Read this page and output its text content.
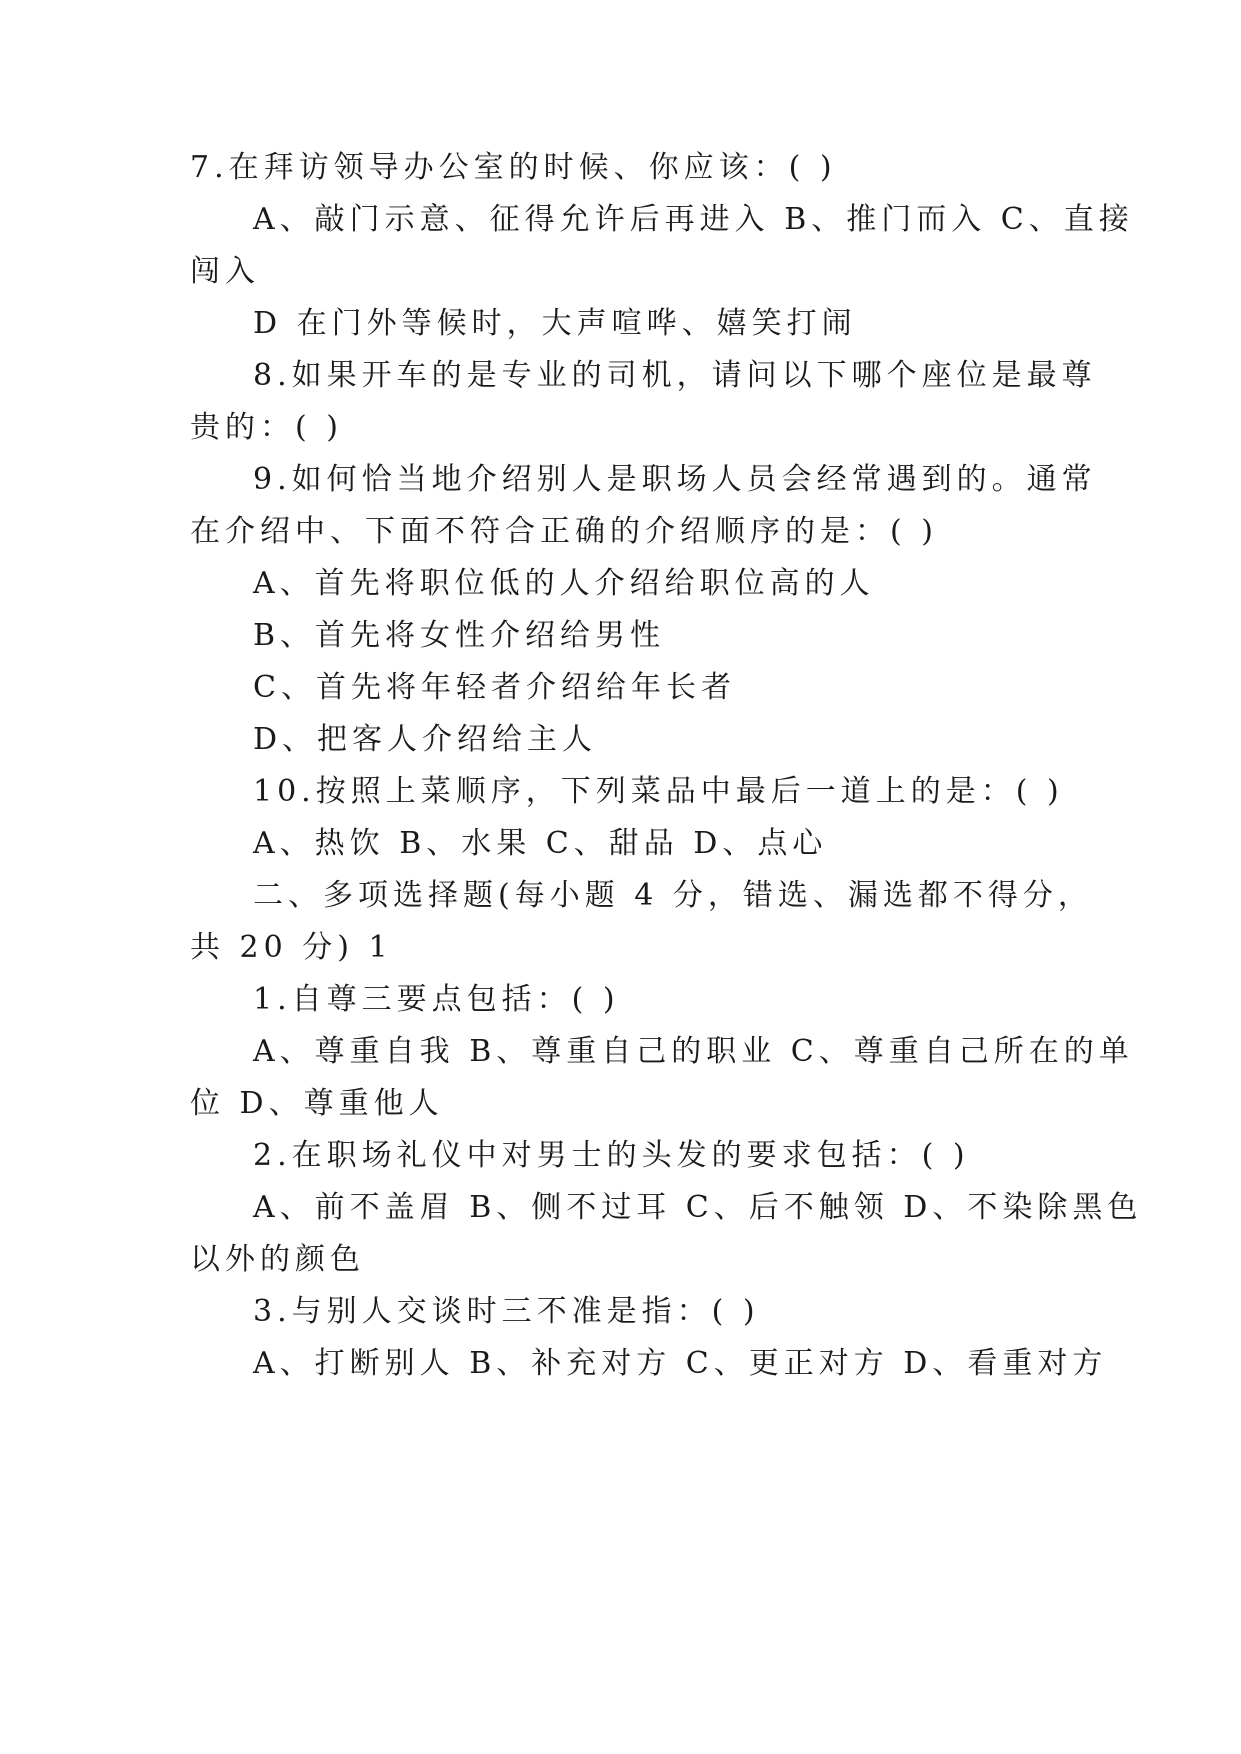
7.在拜访领导办公室的时候、你应该：( )
A、敲门示意、征得允许后再进入 B、推门而入 C、直接
闯入
D 在门外等候时，大声喧哗、嬉笑打闹
8.如果开车的是专业的司机，请问以下哪个座位是最尊
贵的：( )
9.如何恰当地介绍别人是职场人员会经常遇到的。通常
在介绍中、下面不符合正确的介绍顺序的是：( )
A、首先将职位低的人介绍给职位高的人
B、首先将女性介绍给男性
C、首先将年轻者介绍给年长者
D、把客人介绍给主人
10.按照上菜顺序，下列菜品中最后一道上的是：( )
A、热饮 B、水果 C、甜品 D、点心
二、多项选择题(每小题 4 分，错选、漏选都不得分，
共 20 分) 1
1.自尊三要点包括：( )
A、尊重自我 B、尊重自己的职业 C、尊重自己所在的单
位 D、尊重他人
2.在职场礼仪中对男士的头发的要求包括：( )
A、前不盖眉 B、侧不过耳 C、后不触领 D、不染除黑色
以外的颜色
3.与别人交谈时三不准是指：( )
A、打断别人 B、补充对方 C、更正对方 D、看重对方
